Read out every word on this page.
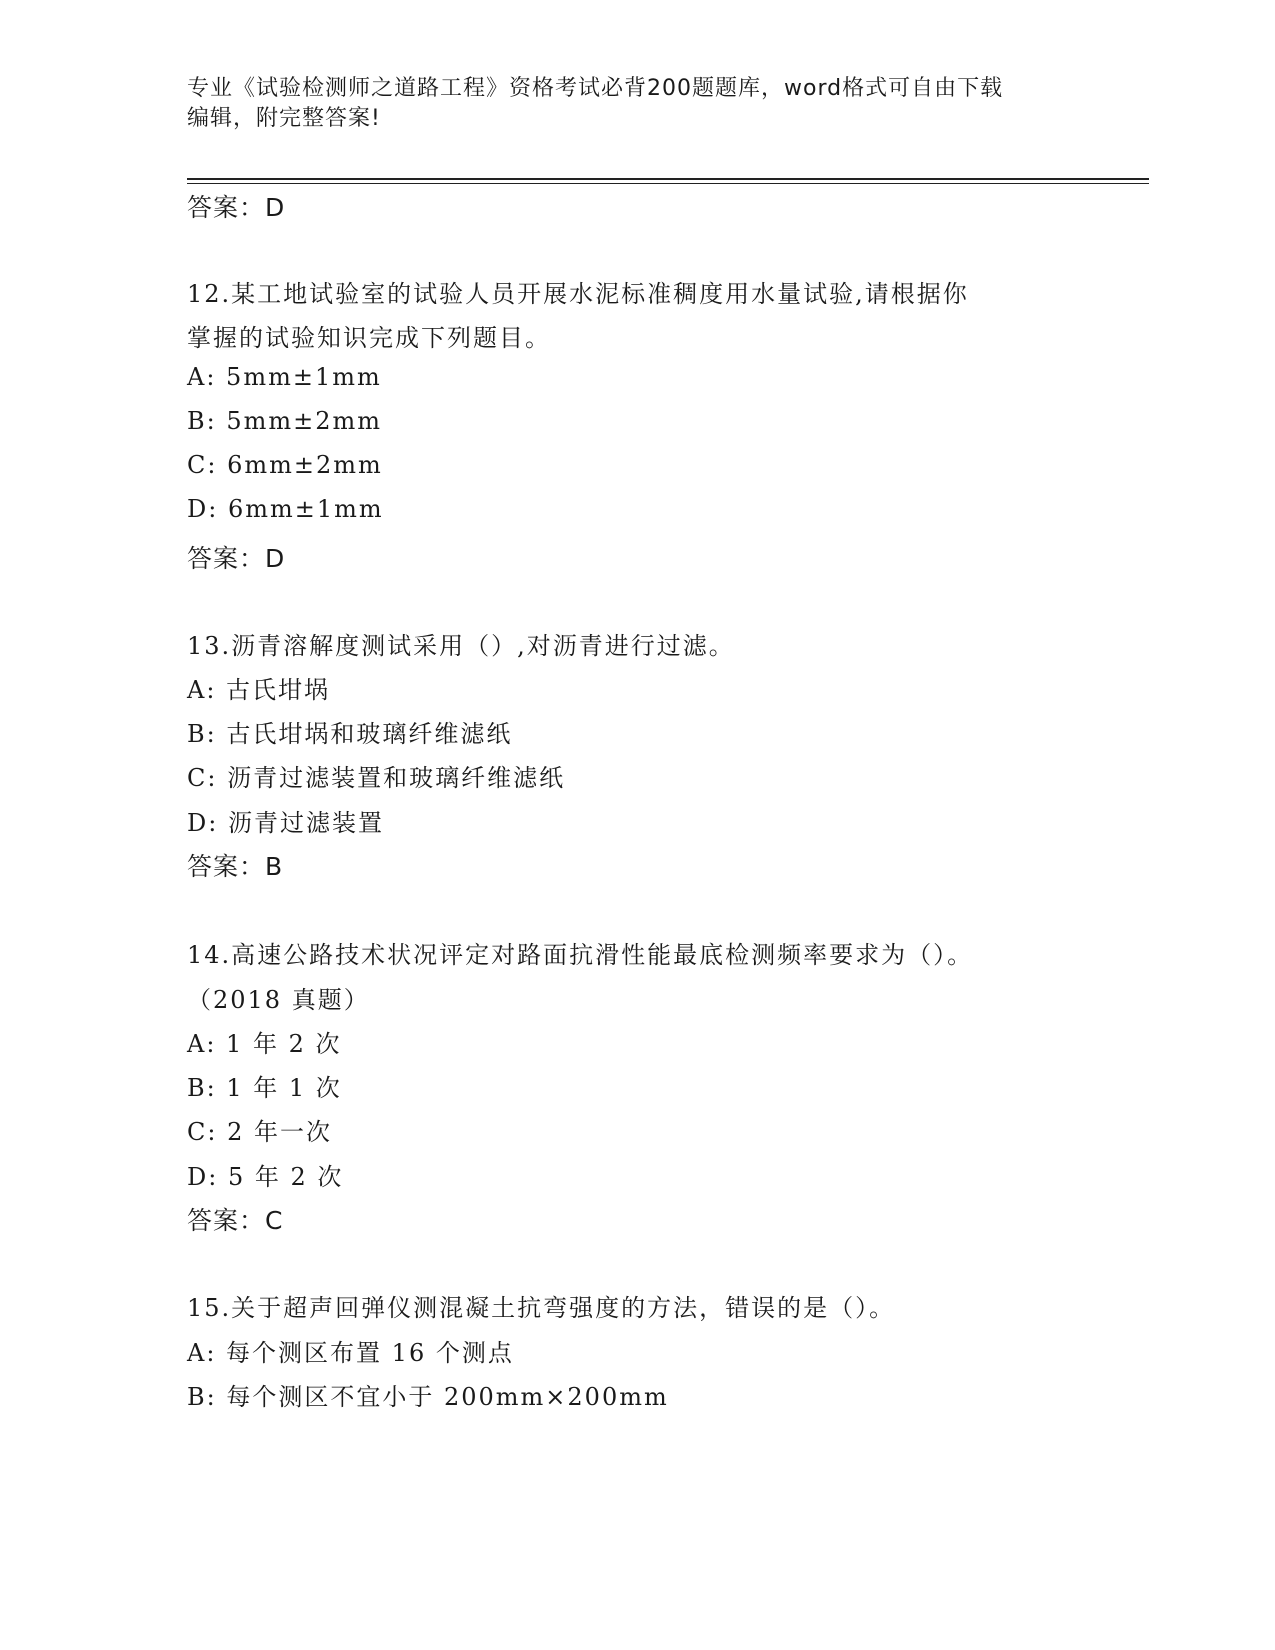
专业《试验检测师之道路工程》资格考试必背200题题库，word格式可自由下载
编辑，附完整答案!
答案：D
12.某工地试验室的试验人员开展水泥标准稠度用水量试验,请根据你
掌握的试验知识完成下列题目。
A: 5mm±1mm
B: 5mm±2mm
C: 6mm±2mm
D: 6mm±1mm
答案：D
13.沥青溶解度测试采用（）,对沥青进行过滤。
A: 古氏坩埚
B: 古氏坩埚和玻璃纤维滤纸
C: 沥青过滤装置和玻璃纤维滤纸
D: 沥青过滤装置
答案：B
14.高速公路技术状况评定对路面抗滑性能最底检测频率要求为（）。
（2018 真题）
A: 1 年 2 次
B: 1 年 1 次
C: 2 年一次
D: 5 年 2 次
答案：C
15.关于超声回弹仪测混凝土抗弯强度的方法，错误的是（）。
A: 每个测区布置 16 个测点
B: 每个测区不宜小于 200mm×200mm
